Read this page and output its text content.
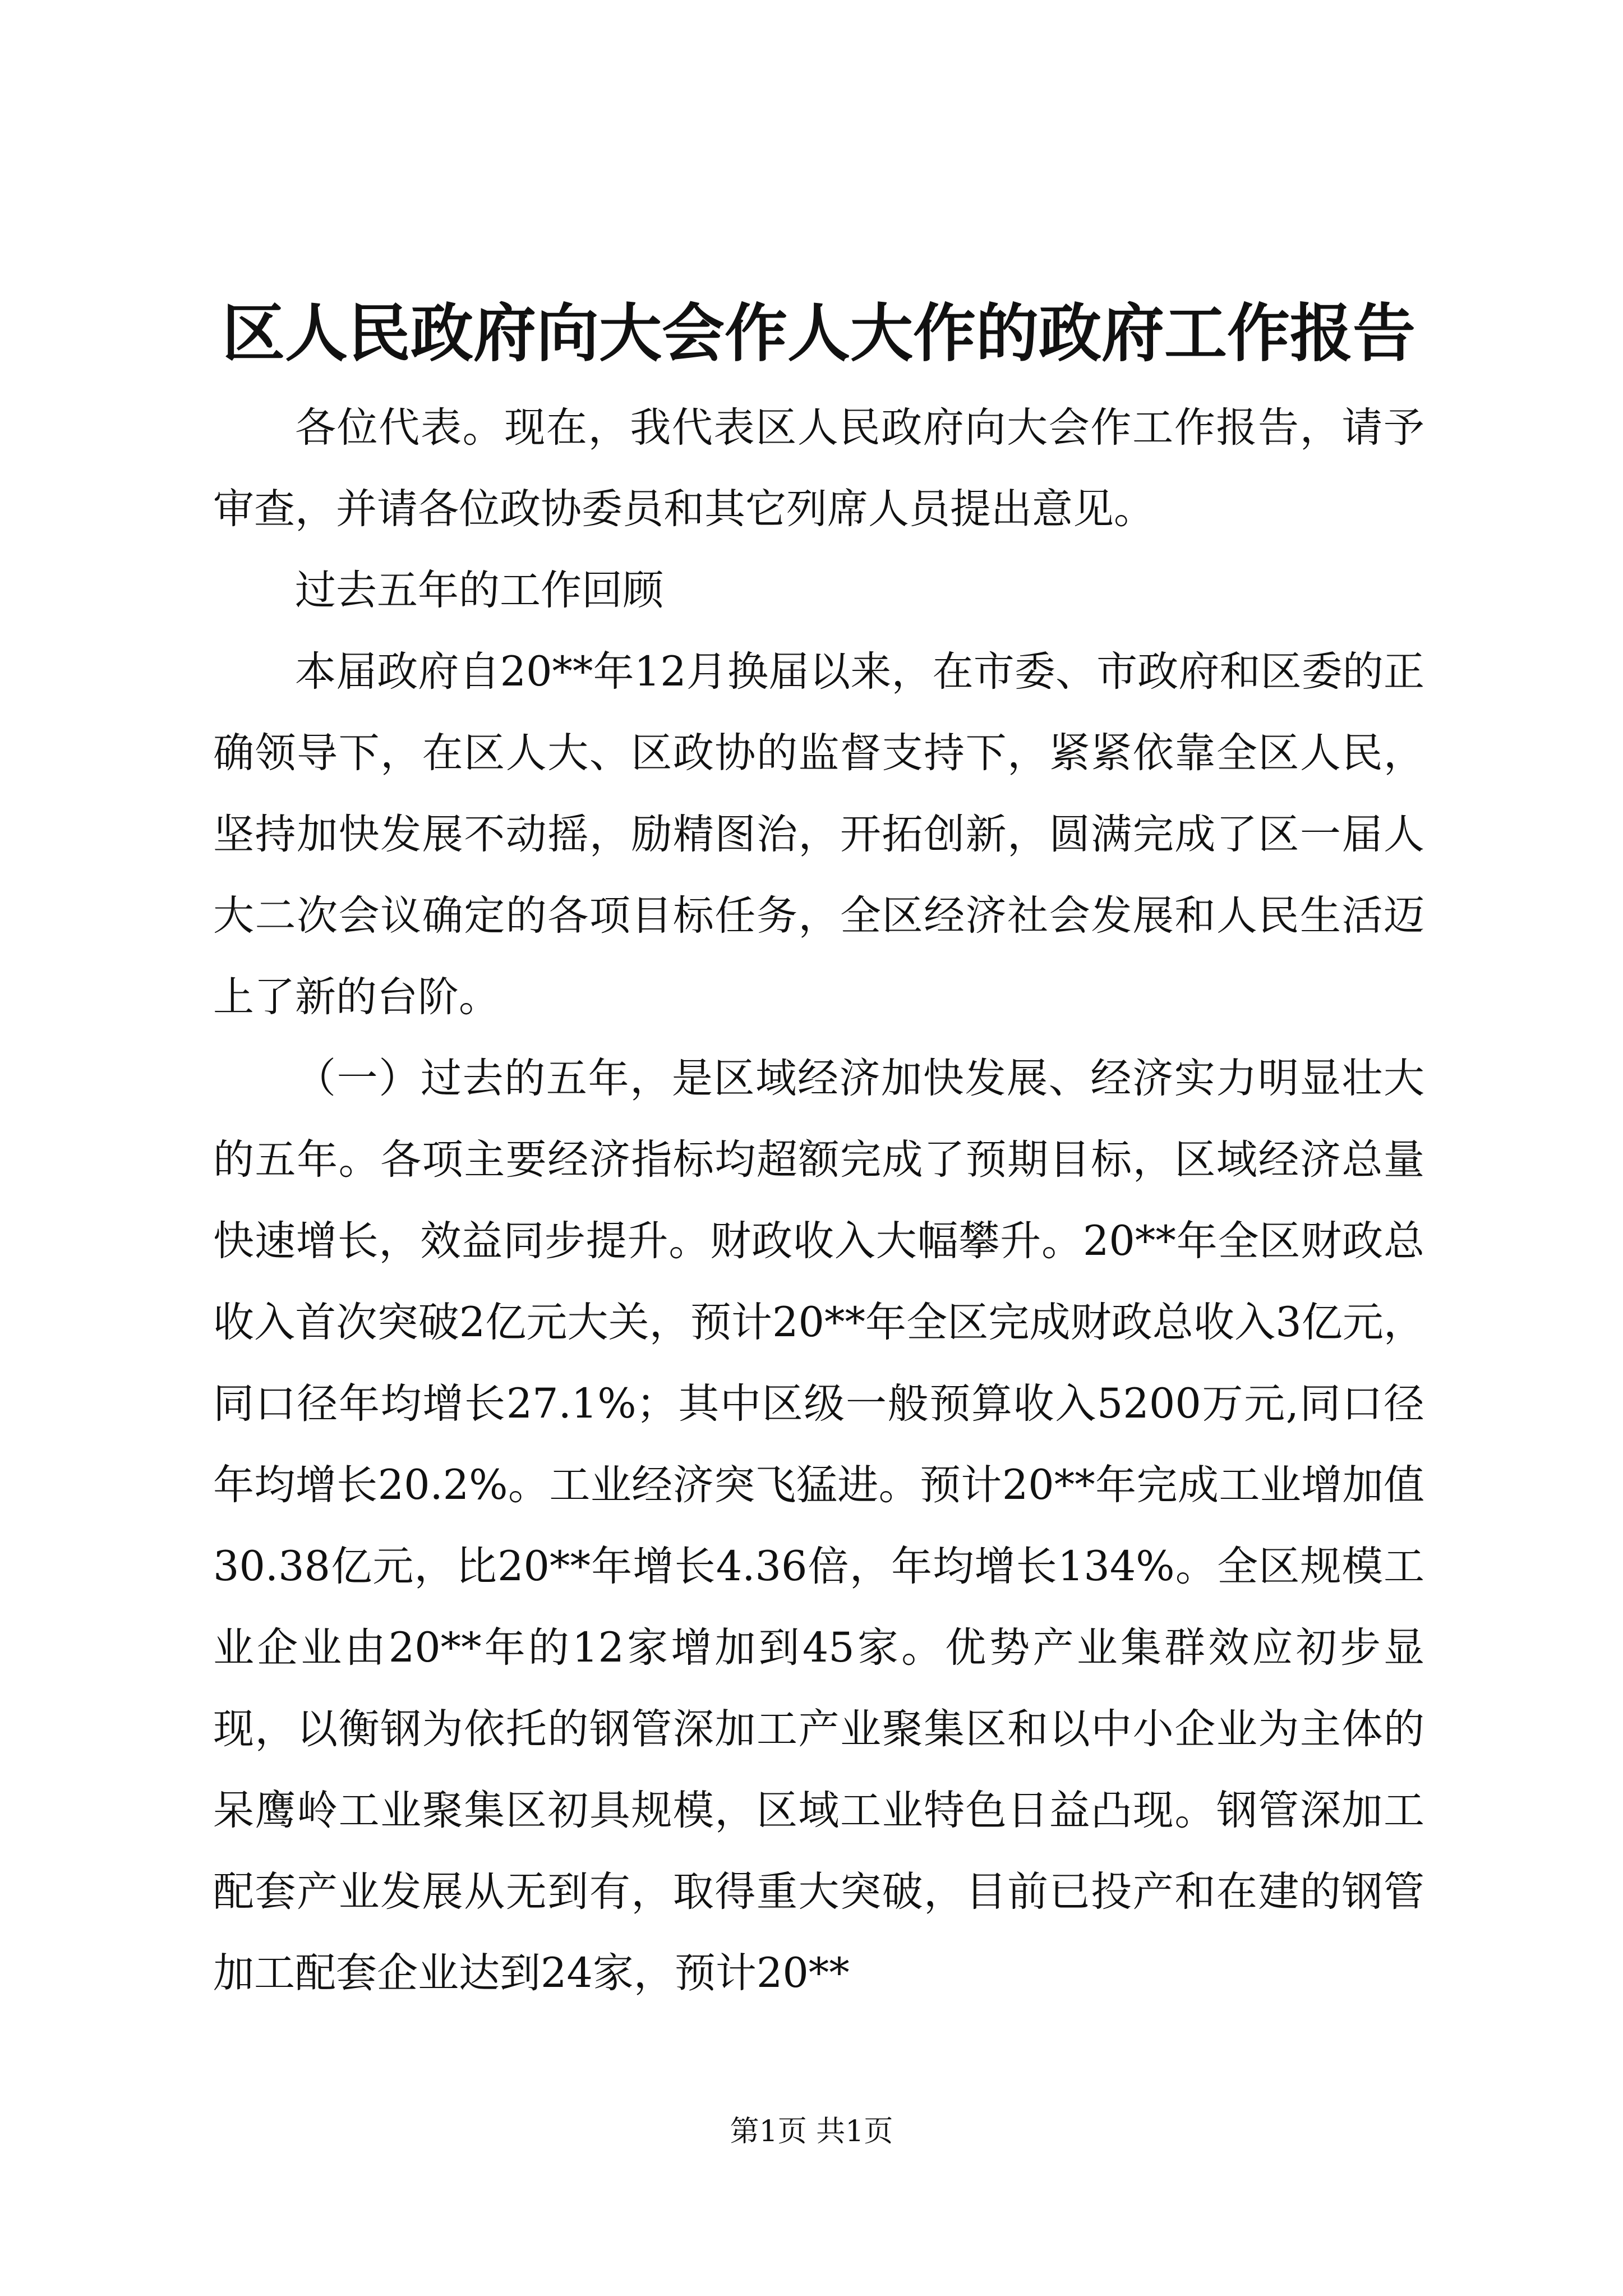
区人民政府向大会作人大作的政府工作报告

各位代表。现在，我代表区人民政府向大会作工作报告，请予审查，并请各位政协委员和其它列席人员提出意见。

过去五年的工作回顾

本届政府自20**年12月换届以来，在市委、市政府和区委的正确领导下，在区人大、区政协的监督支持下，紧紧依靠全区人民，坚持加快发展不动摇，励精图治，开拓创新，圆满完成了区一届人大二次会议确定的各项目标任务，全区经济社会发展和人民生活迈上了新的台阶。

（一）过去的五年，是区域经济加快发展、经济实力明显壮大的五年。各项主要经济指标均超额完成了预期目标，区域经济总量快速增长，效益同步提升。财政收入大幅攀升。20**年全区财政总收入首次突破2亿元大关，预计20**年全区完成财政总收入3亿元，同口径年均增长27.1%；其中区级一般预算收入5200万元,同口径年均增长20.2%。工业经济突飞猛进。预计20**年完成工业增加值30.38亿元，比20**年增长4.36倍，年均增长134%。全区规模工业企业由20**年的12家增加到45家。优势产业集群效应初步显现，以衡钢为依托的钢管深加工产业聚集区和以中小企业为主体的呆鹰岭工业聚集区初具规模，区域工业特色日益凸现。钢管深加工配套产业发展从无到有，取得重大突破，目前已投产和在建的钢管加工配套企业达到24家，预计20**

第1页 共1页
